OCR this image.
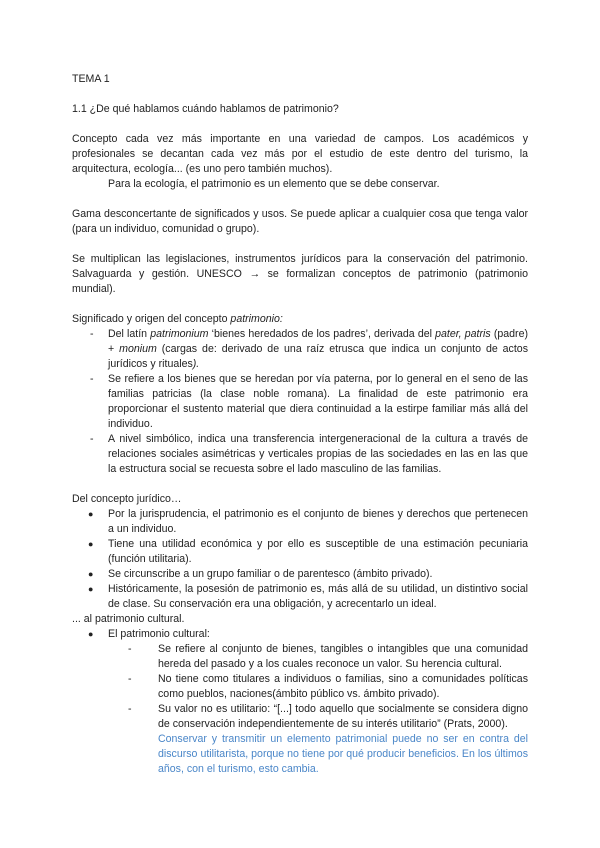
TEMA 1

1.1 ¿De qué hablamos cuándo hablamos de patrimonio?

Concepto cada vez más importante en una variedad de campos. Los académicos y profesionales se decantan cada vez más por el estudio de este dentro del turismo, la arquitectura, ecología... (es uno pero también muchos).

Para la ecología, el patrimonio es un elemento que se debe conservar.

Gama desconcertante de significados y usos. Se puede aplicar a cualquier cosa que tenga valor (para un individuo, comunidad o grupo).

Se multiplican las legislaciones, instrumentos jurídicos para la conservación del patrimonio. Salvaguarda y gestión. UNESCO → se formalizan conceptos de patrimonio (patrimonio mundial).

Significado y origen del concepto patrimonio:

-	Del latín patrimonium ‘bienes heredados de los padres’, derivada del pater, patris (padre) + monium (cargas de: derivado de una raíz etrusca que indica un conjunto de actos jurídicos y rituales).

-	Se refiere a los bienes que se heredan por vía paterna, por lo general en el seno de las familias patricias (la clase noble romana). La finalidad de este patrimonio era proporcionar el sustento material que diera continuidad a la estirpe familiar más allá del individuo.

-	A nivel simbólico, indica una transferencia intergeneracional de la cultura a través de relaciones sociales asimétricas y verticales propias de las sociedades en las en las que la estructura social se recuesta sobre el lado masculino de las familias.

Del concepto jurídico…

●	Por la jurisprudencia, el patrimonio es el conjunto de bienes y derechos que pertenecen a un individuo.

●	Tiene una utilidad económica y por ello es susceptible de una estimación pecuniaria (función utilitaria).

●	Se circunscribe a un grupo familiar o de parentesco (ámbito privado).

●	Históricamente, la posesión de patrimonio es, más allá de su utilidad, un distintivo social de clase. Su conservación era una obligación, y acrecentarlo un ideal.

... al patrimonio cultural.

●	El patrimonio cultural:

-	Se refiere al conjunto de bienes, tangibles o intangibles que una comunidad hereda del pasado y a los cuales reconoce un valor. Su herencia cultural.

-	No tiene como titulares a individuos o familias, sino a comunidades políticas como pueblos, naciones(ámbito público vs. ámbito privado).

-	Su valor no es utilitario: “[...] todo aquello que socialmente se considera digno de conservación independientemente de su interés utilitario” (Prats, 2000).

Conservar y transmitir un elemento patrimonial puede no ser en contra del discurso utilitarista, porque no tiene por qué producir beneficios. En los últimos años, con el turismo, esto cambia.
